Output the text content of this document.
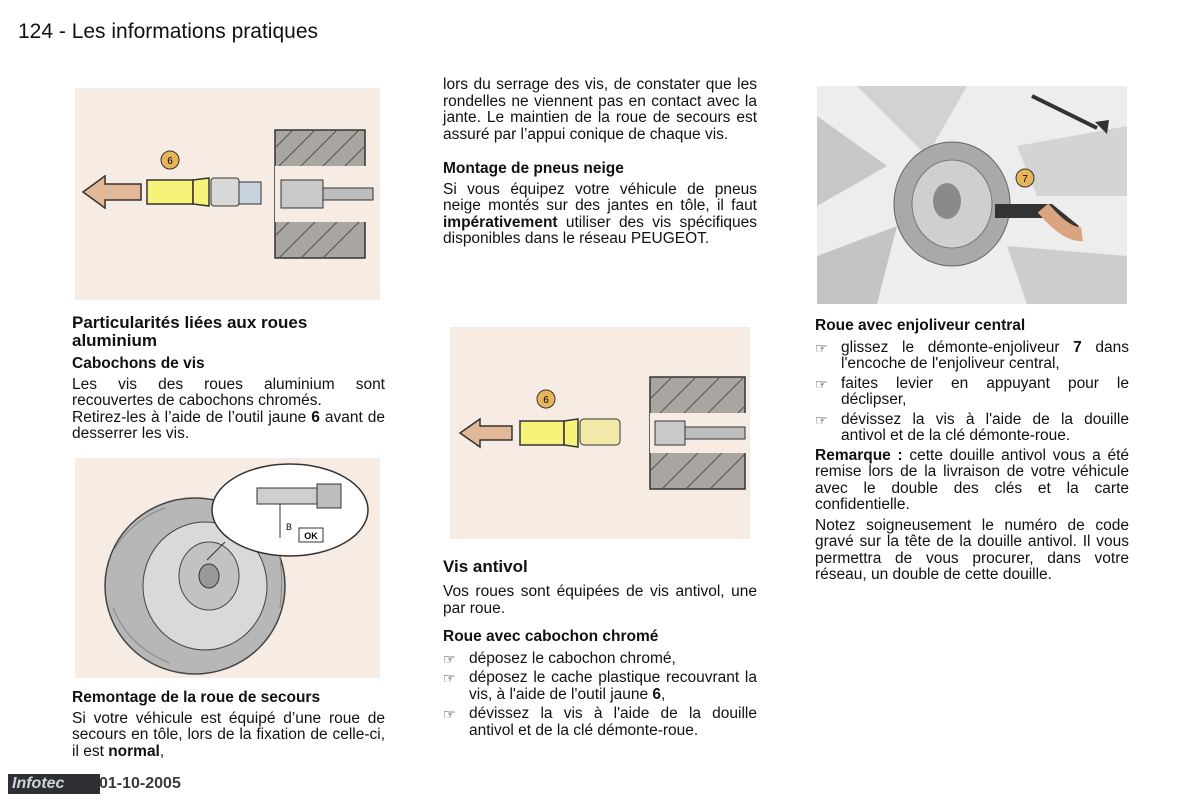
124 - Les informations pratiques
6
Particularités liées aux roues aluminium
Cabochons de vis

Les vis des roues aluminium sont recouvertes de cabochons chromés.

Retirez-les à l’aide de l’outil jaune 6 avant de desserrer les vis.

OK
B
Remontage de la roue de secours

Si votre véhicule est équipé d’une roue de secours en tôle, lors de la fixation de celle-ci, il est normal,

lors du serrage des vis, de constater que les rondelles ne viennent pas en contact avec la jante. Le maintien de la roue de secours est assuré par l’appui conique de chaque vis.

Montage de pneus neige

Si vous équipez votre véhicule de pneus neige montés sur des jantes en tôle, il faut impérativement utiliser des vis spécifiques disponibles dans le réseau PEUGEOT.

6
Vis antivol

Vos roues sont équipées de vis antivol, une par roue.

Roue avec cabochon chromé
☞ déposez le cabochon chromé,
☞ déposez le cache plastique recouvrant la vis, à l'aide de l'outil jaune 6,
☞ dévissez la vis à l'aide de la douille antivol et de la clé démonte-roue.
7
Roue avec enjoliveur central
☞ glissez le démonte-enjoliveur 7 dans l'encoche de l'enjoliveur central,
☞ faites levier en appuyant pour le déclipser,
☞ dévissez la vis à l'aide de la douille antivol et de la clé démonte-roue.

Remarque : cette douille antivol vous a été remise lors de la livraison de votre véhicule avec le double des clés et la carte confidentielle.

Notez soigneusement le numéro de code gravé sur la tête de la douille antivol. Il vous permettra de vous procurer, dans votre réseau, un double de cette douille.

Infotec	01-10-2005
